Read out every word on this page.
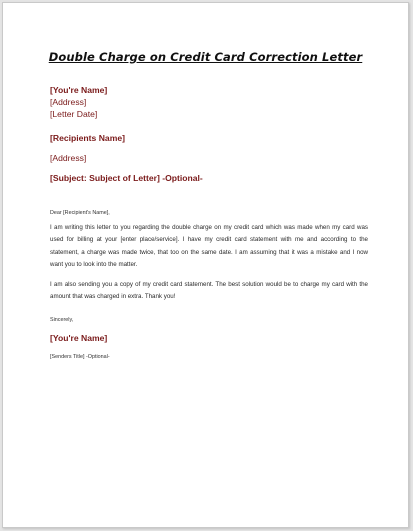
Double Charge on Credit Card Correction Letter
[You're Name]
[Address]
[Letter Date]
[Recipients Name]
[Address]
[Subject: Subject of Letter] -Optional-
Dear [Recipient's Name],

I am writing this letter to you regarding the double charge on my credit card which was made when my card was used for billing at your [enter place/service]. I have my credit card statement with me and according to the statement, a charge was made twice, that too on the same date. I am assuming that it was a mistake and I now want you to look into the matter.

I am also sending you a copy of my credit card statement. The best solution would be to charge my card with the amount that was charged in extra. Thank you!

Sincerely,
[You're Name]
[Senders Title] -Optional-
